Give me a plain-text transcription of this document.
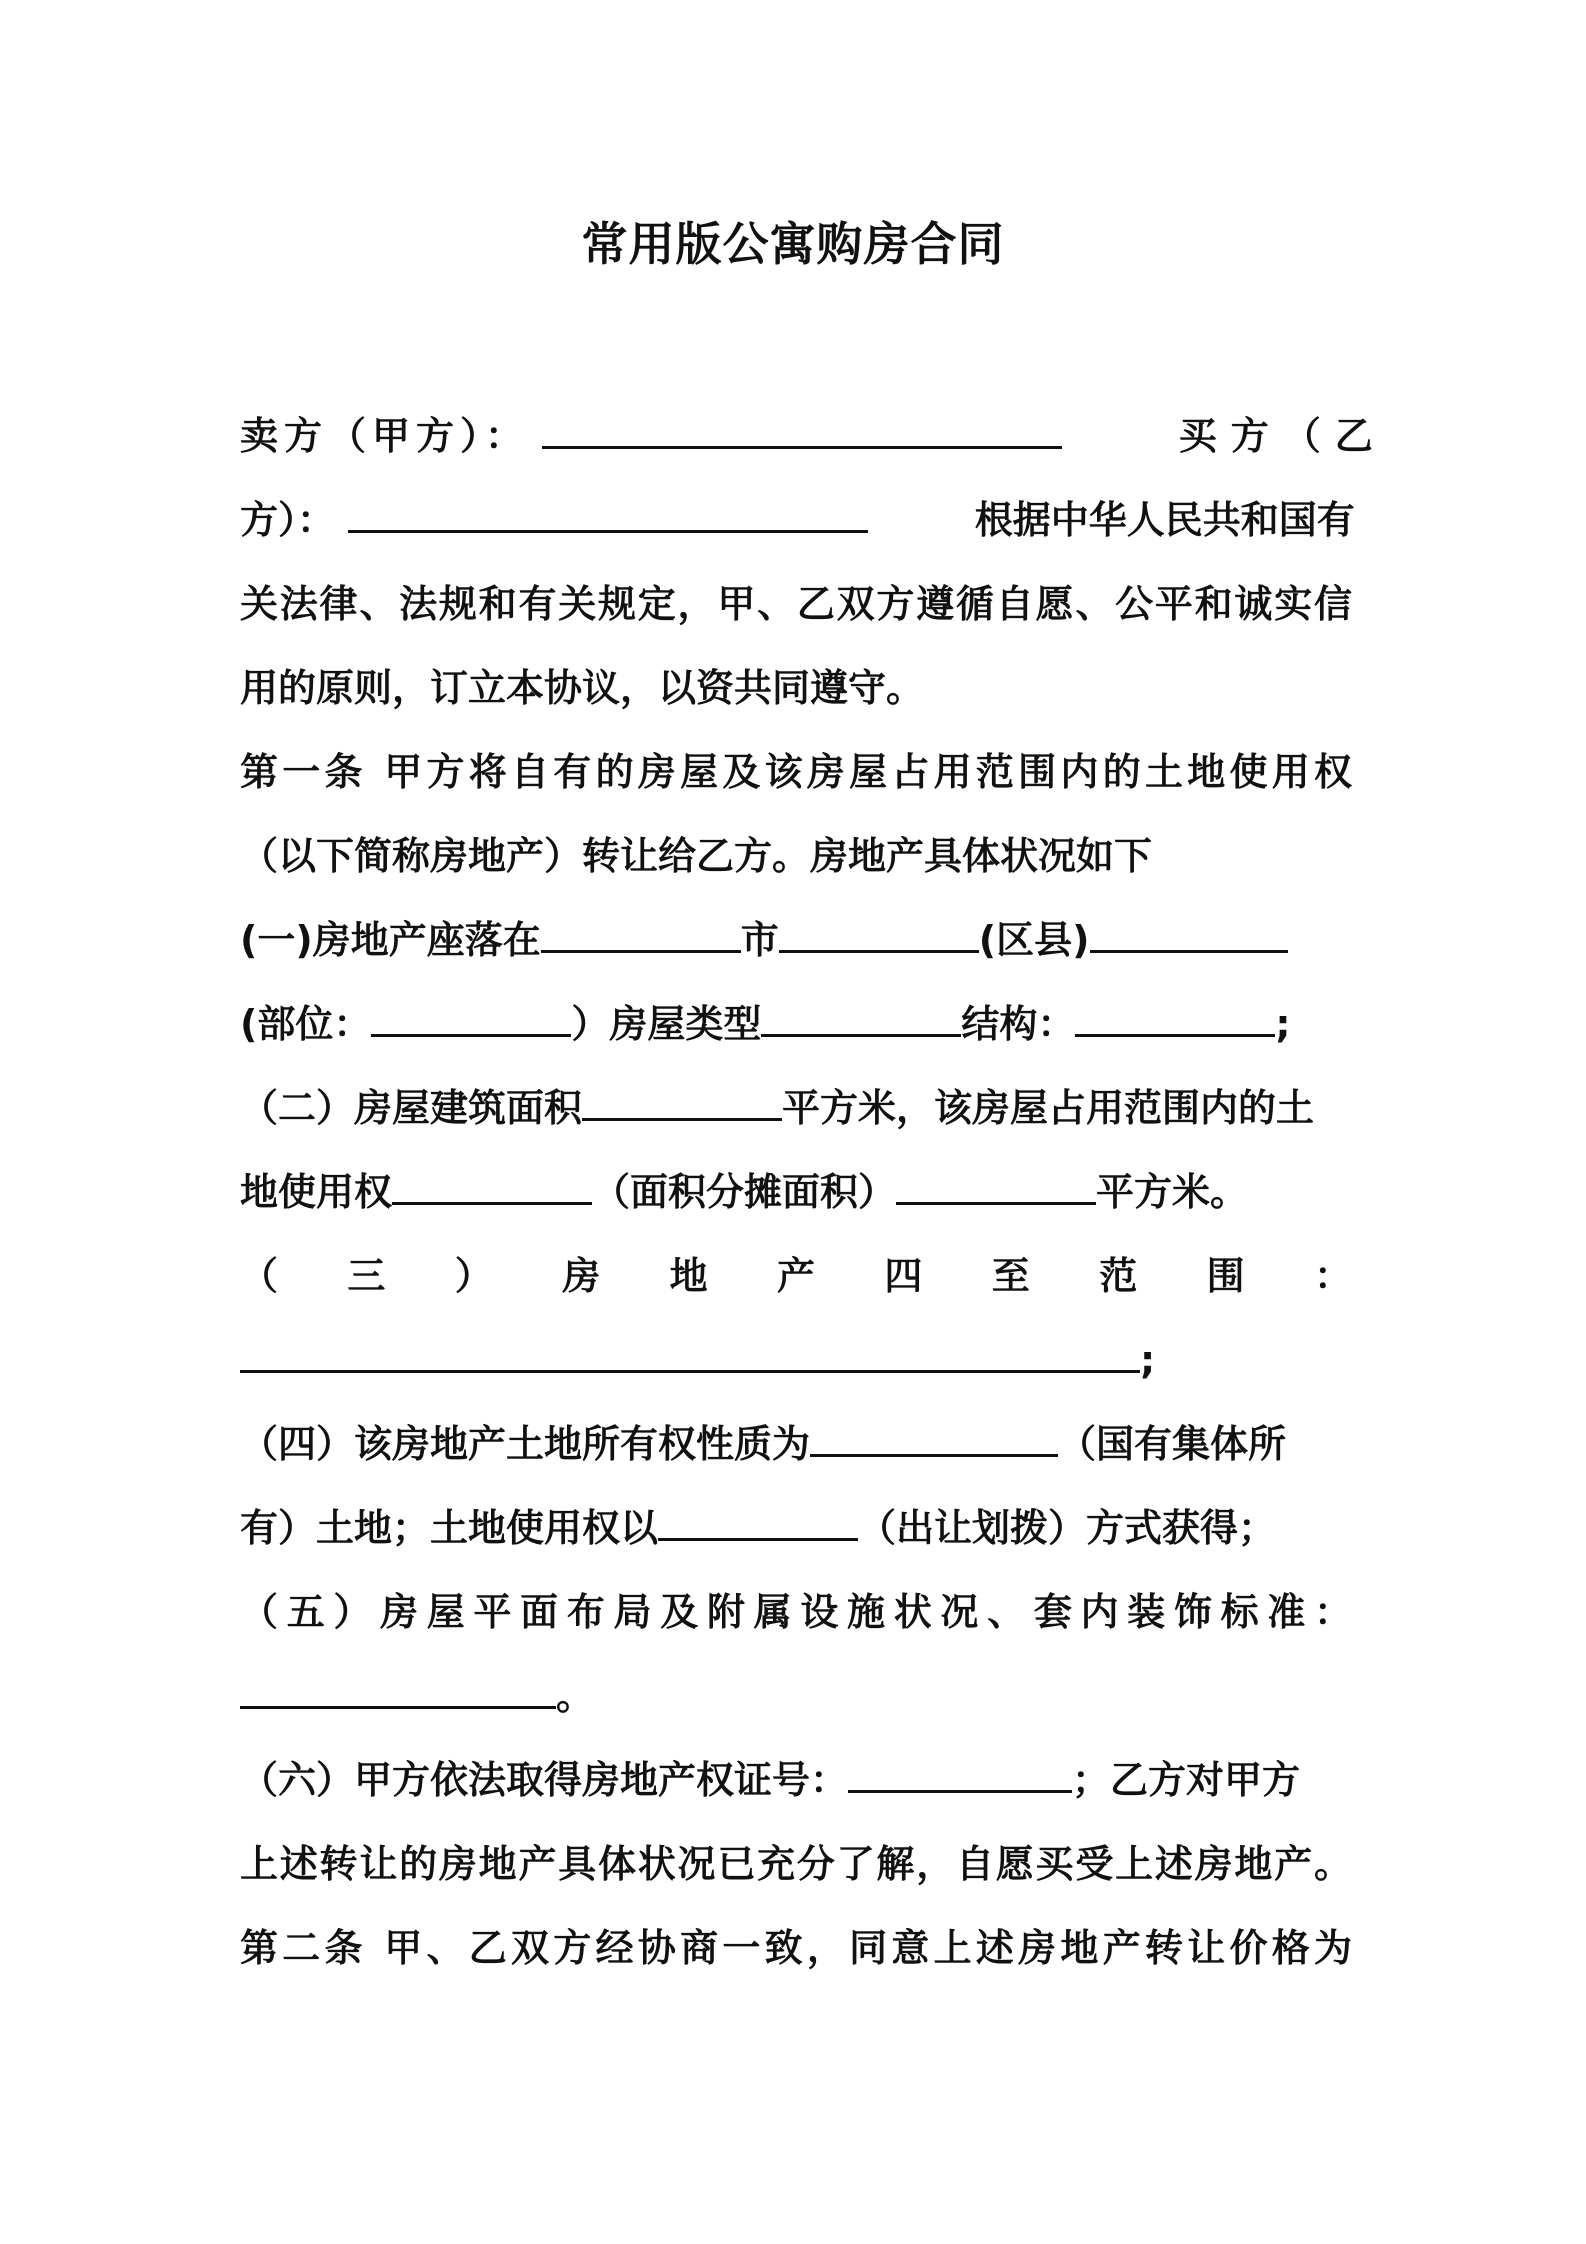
常用版公寓购房合同
卖方（甲方）：	买方（乙
方）：	根据中华人民共和国有
关法律、法规和有关规定，甲、乙双方遵循自愿、公平和诚实信
用的原则，订立本协议，以资共同遵守。
第一条 甲方将自有的房屋及该房屋占用范围内的土地使用权
（以下简称房地产）转让给乙方。房地产具体状况如下
(一)房地产座落在	市	(区县)
(部位：	）房屋类型	结构：	;
（二）房屋建筑面积	平方米，该房屋占用范围内的土
地使用权	（面积分摊面积）	平方米。
（三）房地产四至范围：
;
（四）该房地产土地所有权性质为	（国有集体所
有）土地；土地使用权以	（出让划拨）方式获得；
（五）房屋平面布局及附属设施状况、套内装饰标准：
。
（六）甲方依法取得房地产权证号：	；乙方对甲方
上述转让的房地产具体状况已充分了解，自愿买受上述房地产。
第二条 甲、乙双方经协商一致，同意上述房地产转让价格为
